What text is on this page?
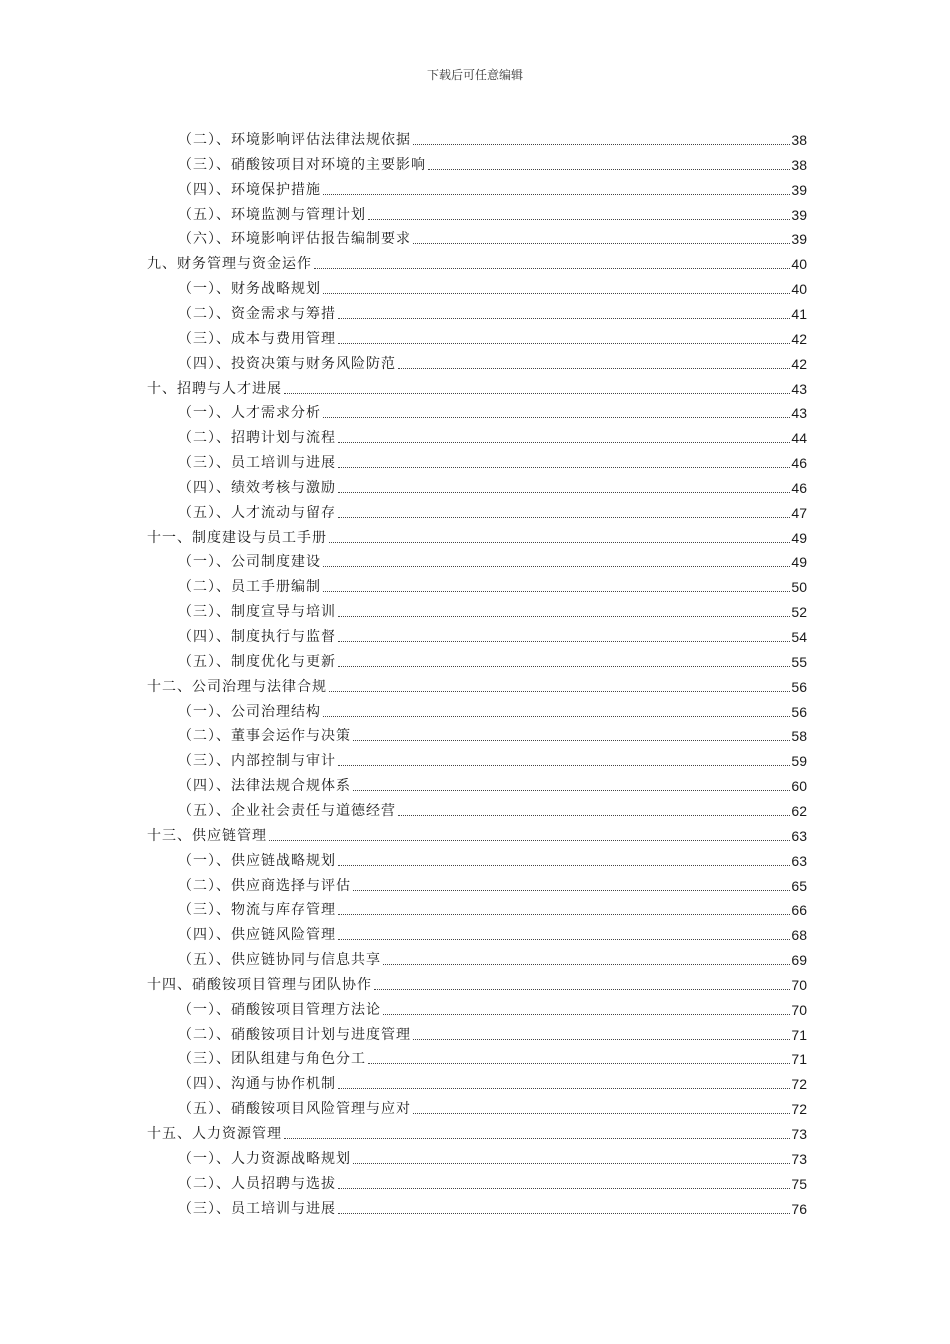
下载后可任意编辑
（二）、环境影响评估法律法规依据	38
（三）、硝酸铵项目对环境的主要影响	38
（四）、环境保护措施	39
（五）、环境监测与管理计划	39
（六）、环境影响评估报告编制要求	39
九、财务管理与资金运作	40
（一）、财务战略规划	40
（二）、资金需求与筹措	41
（三）、成本与费用管理	42
（四）、投资决策与财务风险防范	42
十、招聘与人才进展	43
（一）、人才需求分析	43
（二）、招聘计划与流程	44
（三）、员工培训与进展	46
（四）、绩效考核与激励	46
（五）、人才流动与留存	47
十一、制度建设与员工手册	49
（一）、公司制度建设	49
（二）、员工手册编制	50
（三）、制度宣导与培训	52
（四）、制度执行与监督	54
（五）、制度优化与更新	55
十二、公司治理与法律合规	56
（一）、公司治理结构	56
（二）、董事会运作与决策	58
（三）、内部控制与审计	59
（四）、法律法规合规体系	60
（五）、企业社会责任与道德经营	62
十三、供应链管理	63
（一）、供应链战略规划	63
（二）、供应商选择与评估	65
（三）、物流与库存管理	66
（四）、供应链风险管理	68
（五）、供应链协同与信息共享	69
十四、硝酸铵项目管理与团队协作	70
（一）、硝酸铵项目管理方法论	70
（二）、硝酸铵项目计划与进度管理	71
（三）、团队组建与角色分工	71
（四）、沟通与协作机制	72
（五）、硝酸铵项目风险管理与应对	72
十五、人力资源管理	73
（一）、人力资源战略规划	73
（二）、人员招聘与选拔	75
（三）、员工培训与进展	76
